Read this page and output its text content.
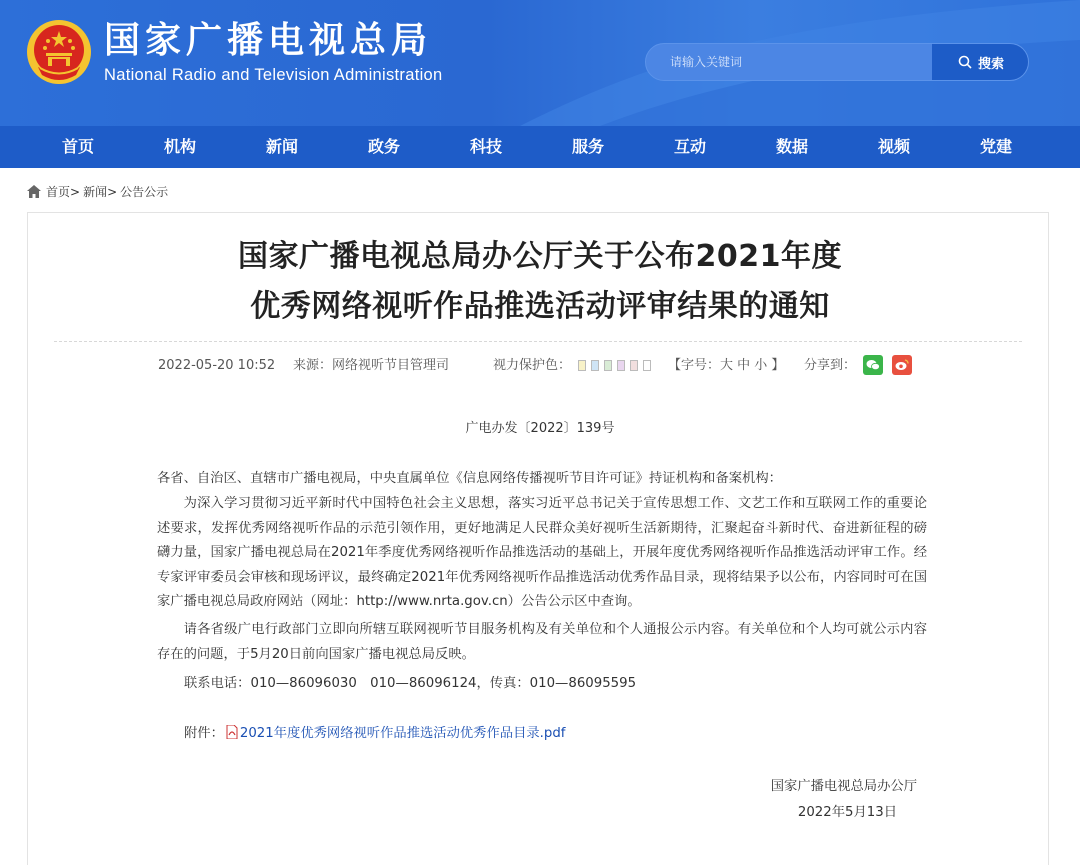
国家广播电视总局
National Radio and Television Administration
请输入关键词
搜索
首页	机构	新闻	政务	科技	服务	互动	数据	视频	党建
首页> 新闻> 公告公示
国家广播电视总局办公厅关于公布2021年度
优秀网络视听作品推选活动评审结果的通知
2022-05-20 10:52 来源：网络视听节目管理司	视力保护色：	【字号：大 中 小 】 分享到：
广电办发〔2022〕139号
各省、自治区、直辖市广播电视局，中央直属单位《信息网络传播视听节目许可证》持证机构和备案机构：
为深入学习贯彻习近平新时代中国特色社会主义思想，落实习近平总书记关于宣传思想工作、文艺工作和互联网工作的重要论述要求，发挥优秀网络视听作品的示范引领作用，更好地满足人民群众美好视听生活新期待，汇聚起奋斗新时代、奋进新征程的磅礴力量，国家广播电视总局在2021年季度优秀网络视听作品推选活动的基础上，开展年度优秀网络视听作品推选活动评审工作。经专家评审委员会审核和现场评议，最终确定2021年优秀网络视听作品推选活动优秀作品目录，现将结果予以公布，内容同时可在国家广播电视总局政府网站（网址：http://www.nrta.gov.cn）公告公示区中查询。
请各省级广电行政部门立即向所辖互联网视听节目服务机构及有关单位和个人通报公示内容。有关单位和个人均可就公示内容存在的问题，于5月20日前向国家广播电视总局反映。
联系电话：010—86096030　010—86096124，传真：010—86095595
附件： 2021年度优秀网络视听作品推选活动优秀作品目录.pdf
国家广播电视总局办公厅
2022年5月13日
